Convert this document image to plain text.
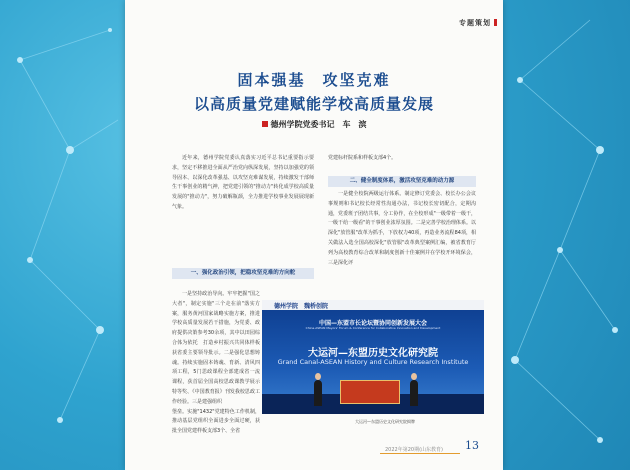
专题策划
固本强基　攻坚克难
以高质量党建赋能学校高质量发展
德州学院党委书记　车　滨

近年来，德州学院党委认真落实习近平总书记重要指示要求，坚定不移推进全面从严治党向纵深发展，坚持以加强党的领导固本、以深化改革强基、以攻坚克难谋发展，持续激发干部师生干事创业的精气神，把党建引领的"推动力"转化成学校高质量发展的"推动力"，努力破解瓶颈，全力推进学校事业发展展现新气象。

一、强化政治引领，把稳攻坚克难的方向舵

一是坚持政治导向。牢牢把握"国之大者"，制定实施"三个走在前"落实方案，服务黄河国家战略实施方案，推进学校高质量发展若干措施，为党委、政府提供决策参考30余项，其中以田园综合体为依托　打造乡村振兴共同体样板获省委主要领导批示。二是强化思想铸魂。持续实施固本铸魂、育新、清风四项工程，5门思政课程全部建成省一流课程，获首届全国高校思政课教学展示特等奖、《中国教育报》刊发我校思政工作经验。三是建强组织

堡垒。实施"1432"党建特色工作机制，推动基层党组织全面进步全面过硬，获批全国党建样板支部3个、全省

党建标杆院系和样板支部4个。

二、健全制度体系，激活攻坚克难的动力源

一是健全校院两级运行体系。制定修订党委会、校长办公会议事规则和书记校长经常性沟通办法，书记校长密切配合，定期沟通，党委班子团结共事，分工协作，在全校形成"一级带着一级干，一级干给一级看"的干事创业浓厚氛围。二是完善学校治理体系。以深化"放管服"改革为抓手，下放权力40项，再造业务流程84项，相关做法入选全国高校深化"放管服"改革典型案例汇编，被省教育厅列为高校教育综合改革和制度创新十佳案例并在学校开环境保会，三是深化评

德州学院　魏桥创院
中国—东盟市长论坛暨协同创新发展大会
China-ASEAN Mayors' Forum & Conference for Collaborative Innovation and Development
大运河—东盟历史文化研究院
Grand Canal-ASEAN History and Culture Research Institute
大运河—东盟历史文化研究院揭牌
2022年第20期(山东教育) 13
